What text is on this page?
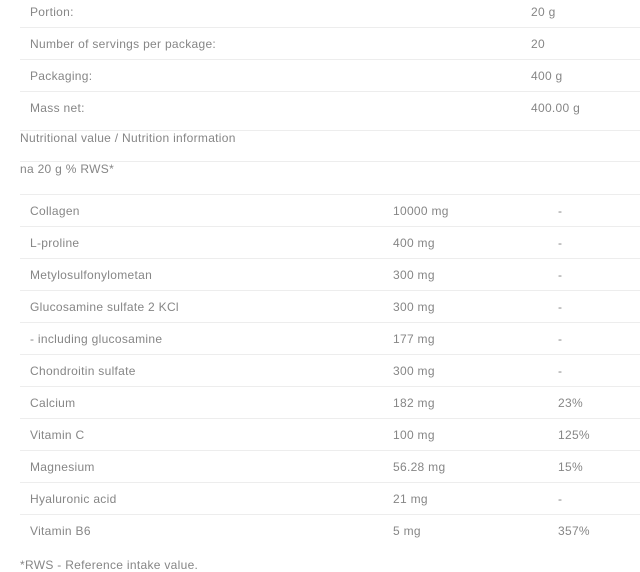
Portion:	20 g
Number of servings per package:	20
Packaging:	400 g
Mass net:	400.00 g
Nutritional value / Nutrition information
na 20 g % RWS*
Collagen	10000 mg	-
L-proline	400 mg	-
Metylosulfonylometan	300 mg	-
Glucosamine sulfate 2 KCl	300 mg	-
- including glucosamine	177 mg	-
Chondroitin sulfate	300 mg	-
Calcium	182 mg	23%
Vitamin C	100 mg	125%
Magnesium	56.28 mg	15%
Hyaluronic acid	21 mg	-
Vitamin B6	5 mg	357%
*RWS - Reference intake value.
